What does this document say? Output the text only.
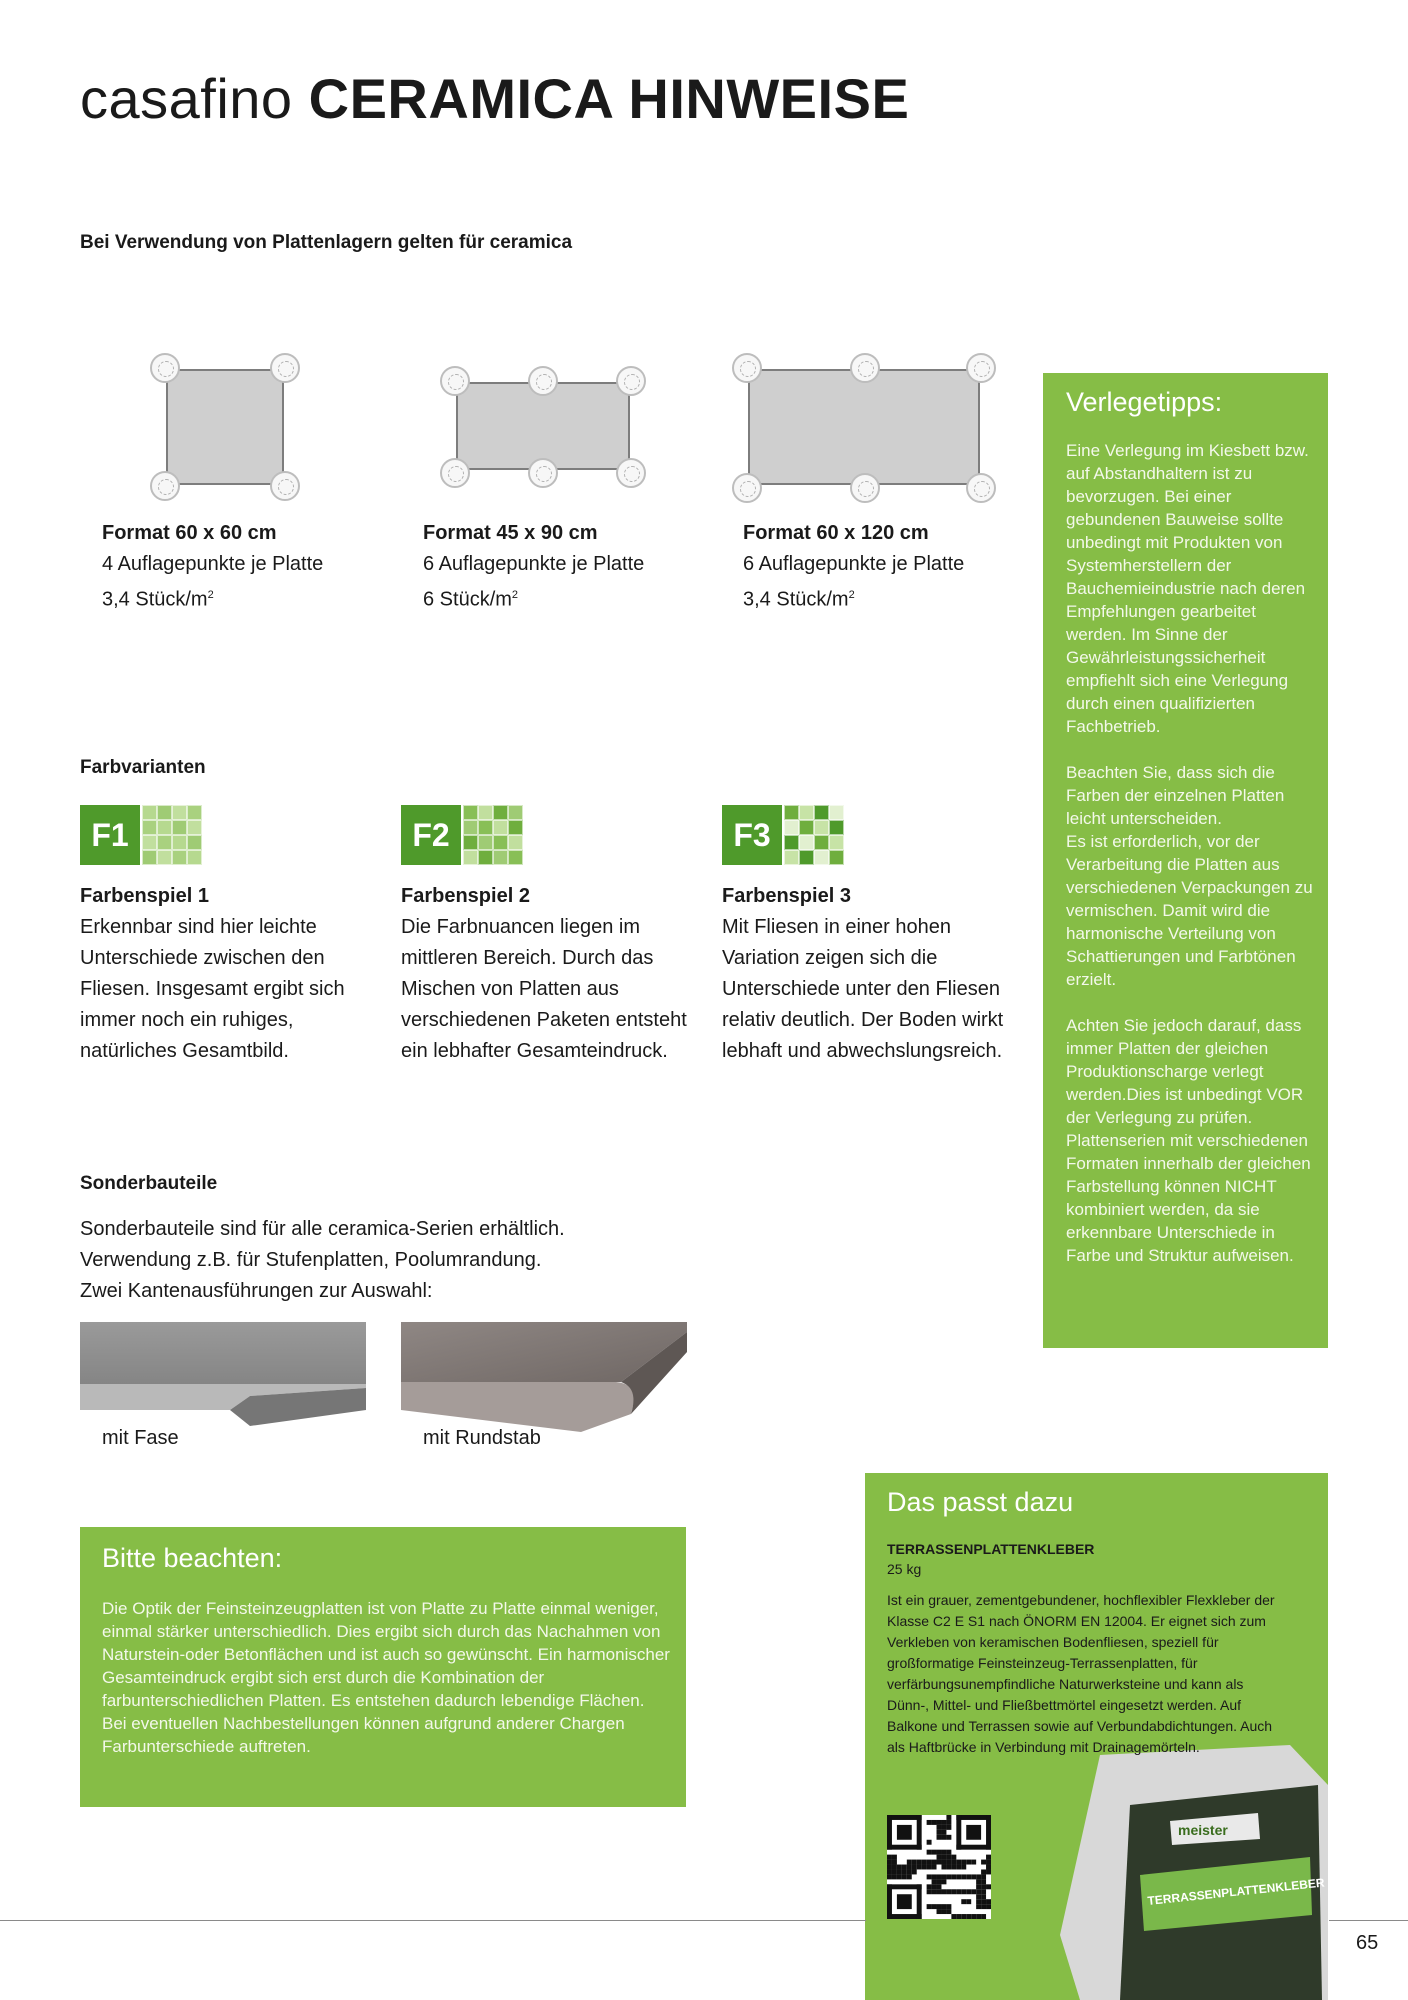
casafino CERAMICA HINWEISE
Bei Verwendung von Plattenlagern gelten für ceramica
Format 60 x 60 cm
4 Auflagepunkte je Platte
3,4 Stück/$m^2$
Format 45 x 90 cm
6 Auflagepunkte je Platte
6 Stück/$m^2$
Format 60 x 120 cm
6 Auflagepunkte je Platte
3,4 Stück/$m^2$
Verlegetipps:

Eine Verlegung im Kiesbett bzw. auf Abstandhaltern ist zu bevorzugen. Bei einer gebundenen Bauweise sollte unbedingt mit Produkten von Systemherstellern der Bauchemieindustrie nach deren Empfehlungen gearbeitet werden. Im Sinne der Gewährleistungssicherheit empfiehlt sich eine Verlegung durch einen qualifizierten Fachbetrieb.

Beachten Sie, dass sich die Farben der einzelnen Platten leicht unterscheiden.

Es ist erforderlich, vor der Verarbeitung die Platten aus verschiedenen Verpackungen zu vermischen. Damit wird die harmonische Verteilung von Schattierungen und Farbtönen erzielt.

Achten Sie jedoch darauf, dass immer Platten der gleichen Produktionscharge verlegt werden.Dies ist unbedingt VOR der Verlegung zu prüfen.

Plattenserien mit verschiedenen Formaten innerhalb der gleichen Farbstellung können NICHT kombiniert werden, da sie erkennbare Unterschiede in Farbe und Struktur aufweisen.

Farbvarianten
F1	F2	F3
Farbenspiel 1
Erkennbar sind hier leichte Unterschiede zwischen den Fliesen. Insgesamt ergibt sich immer noch ein ruhiges, natürliches Gesamtbild.
Farbenspiel 2
Die Farbnuancen liegen im mittleren Bereich. Durch das Mischen von Platten aus verschiedenen Paketen entsteht ein lebhafter Gesamteindruck.
Farbenspiel 3
Mit Fliesen in einer hohen Variation zeigen sich die Unterschiede unter den Fliesen relativ deutlich. Der Boden wirkt lebhaft und abwechslungsreich.
Sonderbauteile
Sonderbauteile sind für alle ceramica-Serien erhältlich.
Verwendung z.B. für Stufenplatten, Poolumrandung.
Zwei Kantenausführungen zur Auswahl:
mit Fase	mit Rundstab
Bitte beachten:
Die Optik der Feinsteinzeugplatten ist von Platte zu Platte einmal weniger, einmal stärker unterschiedlich. Dies ergibt sich durch das Nachahmen von Naturstein-oder Betonflächen und ist auch so gewünscht. Ein harmonischer Gesamteindruck ergibt sich erst durch die Kombination der farbunterschiedlichen Platten. Es entstehen dadurch lebendige Flächen. Bei eventuellen Nachbestellungen können aufgrund anderer Chargen Farbunterschiede auftreten.
Das passt dazu
TERRASSENPLATTENKLEBER
25 kg
meister
TERRASSENPLATTENKLEBER
Ist ein grauer, zementgebundener, hochflexibler Flexkleber der Klasse C2 E S1 nach ÖNORM EN 12004. Er eignet sich zum Verkleben von keramischen Bodenfliesen, speziell für großformatige Feinsteinzeug-Terrassenplatten, für verfärbungsunempfindliche Naturwerksteine und kann als Dünn-, Mittel- und Fließbettmörtel eingesetzt werden. Auf Balkone und Terrassen sowie auf Verbundabdichtungen. Auch als Haftbrücke in Verbindung mit Drainagemörteln.
65
